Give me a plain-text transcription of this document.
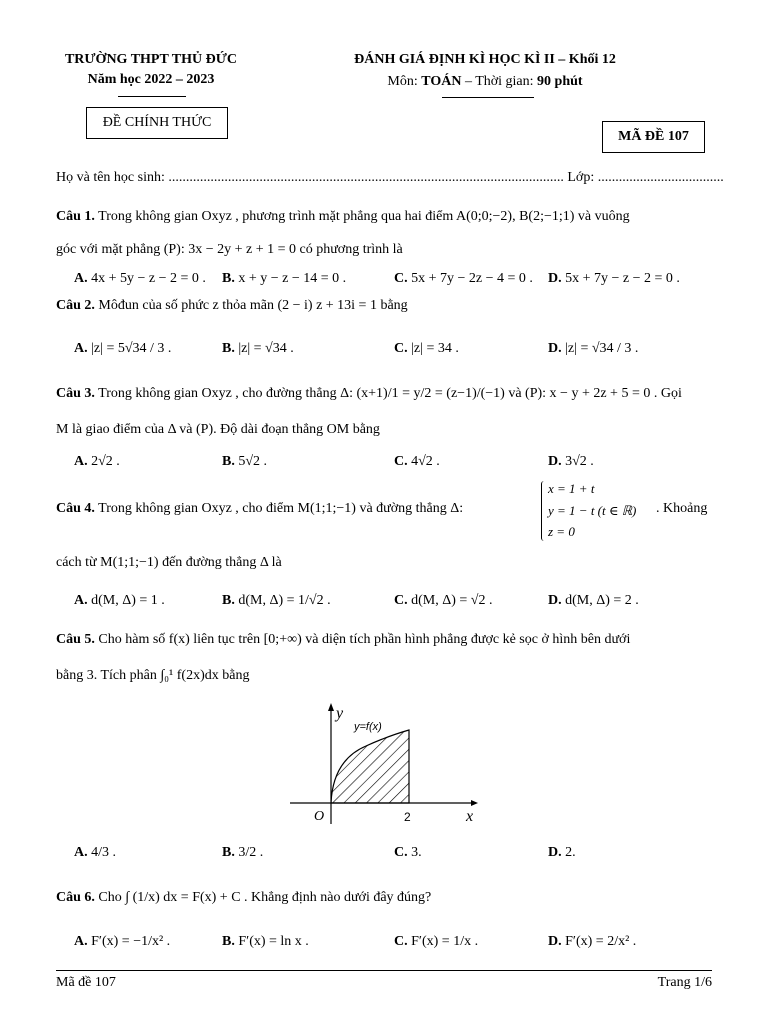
TRƯỜNG THPT THỦ ĐỨC
Năm học 2022 – 2023
ĐÁNH GIÁ ĐỊNH KÌ HỌC KÌ II – Khối 12
Môn: TOÁN – Thời gian: 90 phút
ĐỀ CHÍNH THỨC
MÃ ĐỀ 107
Họ và tên học sinh: ................................................................................................................. Lớp: ....................................
Câu 1. Trong không gian Oxyz , phương trình mặt phẳng qua hai điểm A(0;0;−2), B(2;−1;1) và vuông
góc với mặt phẳng (P): 3x − 2y + z + 1 = 0 có phương trình là
A. 4x + 5y − z − 2 = 0 . B. x + y − z − 14 = 0 .	C. 5x + 7y − 2z − 4 = 0 . D. 5x + 7y − z − 2 = 0 .
Câu 2. Môđun của số phức z thỏa mãn (2 − i) z + 13i = 1 bằng
A. |z| = 5√34 / 3 .	B. |z| = √34 .	C. |z| = 34 .	D. |z| = √34 / 3 .
Câu 3. Trong không gian Oxyz , cho đường thẳng Δ: (x+1)/1 = y/2 = (z−1)/(−1) và (P): x − y + 2z + 5 = 0 . Gọi
M là giao điểm của Δ và (P). Độ dài đoạn thẳng OM bằng
A. 2√2 .	B. 5√2 .	C. 4√2 .	D. 3√2 .
Câu 4. Trong không gian Oxyz , cho điểm M(1;1;−1) và đường thẳng Δ:
x = 1 + t
y = 1 − t (t ∈ ℝ)
z = 0
. Khoảng
cách từ M(1;1;−1) đến đường thẳng Δ là
A. d(M, Δ) = 1 .	B. d(M, Δ) = 1/√2 .	C. d(M, Δ) = √2 .	D. d(M, Δ) = 2 .
Câu 5. Cho hàm số f(x) liên tục trên [0;+∞) và diện tích phần hình phẳng được kẻ sọc ở hình bên dưới
bằng 3. Tích phân ∫₀¹ f(2x)dx bằng
y
x
O	2
y=f(x)
A. 4/3 .	B. 3/2 .	C. 3.	D. 2.
Câu 6. Cho ∫ (1/x) dx = F(x) + C . Khẳng định nào dưới đây đúng?
A. F′(x) = −1/x² .	B. F′(x) = ln x .	C. F′(x) = 1/x .	D. F′(x) = 2/x² .
Mã đề 107	Trang 1/6
